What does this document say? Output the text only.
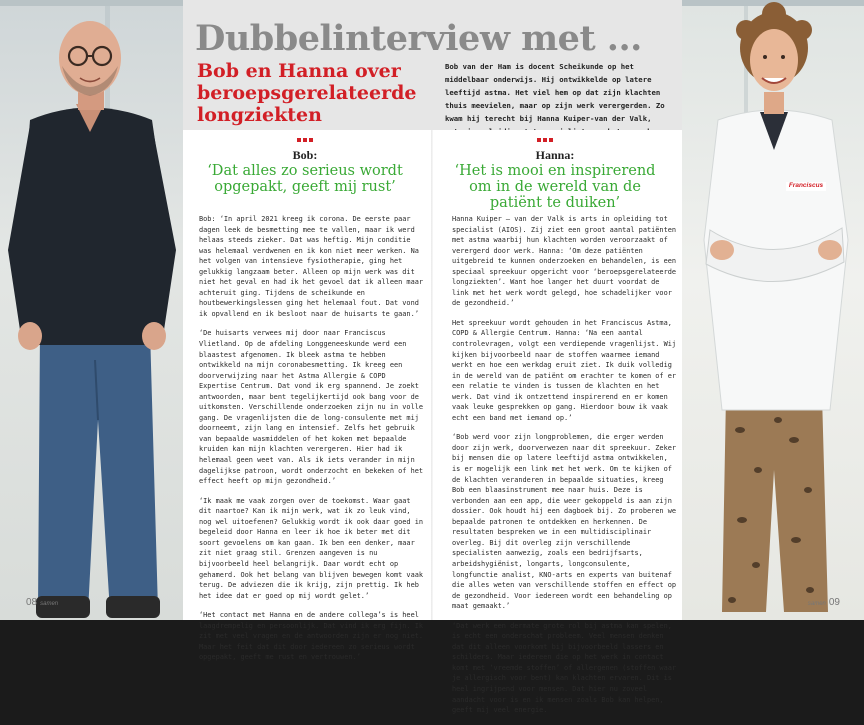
Franciscus
Dubbelinterview met ...
Bob en Hanna over beroepsgerelateerde longziekten
Bob van der Ham is docent Scheikunde op het middelbaar onderwijs. Hij ontwikkelde op latere leeftijd astma. Het viel hem op dat zijn klachten thuis meevielen, maar op zijn werk verergerden. Zo kwam hij terecht bij Hanna Kuiper-van der Valk,
Bob:
‘Dat alles zo serieus wordt opgepakt, geeft mij rust’
Hanna:
‘Het is mooi en inspirerend om in de wereld van de patiënt te duiken’

Bob: ‘In april 2021 kreeg ik corona. De eerste paar dagen leek de besmetting mee te vallen, maar ik werd helaas steeds zieker. Dat was heftig. Mijn conditie was helemaal verdwenen en ik kon niet meer werken. Na het volgen van intensieve fysiotherapie, ging het gelukkig langzaam beter. Alleen op mijn werk was dit niet het geval en had ik het gevoel dat ik alleen maar achteruit ging. Tijdens de scheikunde en houtbewerkingslessen ging het helemaal fout. Dat vond ik opvallend en ik besloot naar de huisarts te gaan.’

‘De huisarts verwees mij door naar Franciscus Vlietland. Op de afdeling Longgeneeskunde werd een blaastest afgenomen. Ik bleek astma te hebben ontwikkeld na mijn coronabesmetting. Ik kreeg een doorverwijzing naar het Astma Allergie & COPD Expertise Centrum. Dat vond ik erg spannend. Je zoekt antwoorden, maar bent tegelijkertijd ook bang voor de uitkomsten. Verschillende onderzoeken zijn nu in volle gang. De vragenlijsten die de long-consulente met mij doorneemt, zijn lang en intensief. Zelfs het gebruik van bepaalde wasmiddelen of het koken met bepaalde kruiden kan mijn klachten verergeren. Hier had ik helemaal geen weet van. Als ik iets verander in mijn dagelijkse patroon, wordt onderzocht en bekeken of het effect heeft op mijn gezondheid.’

‘Ik maak me vaak zorgen over de toekomst. Waar gaat dit naartoe? Kan ik mijn werk, wat ik zo leuk vind, nog wel uitoefenen? Gelukkig wordt ik ook daar goed in begeleid door Hanna en leer ik hoe ik beter met dit soort gevoelens om kan gaan. Ik ben een denker, maar zit niet graag stil. Grenzen aangeven is nu bijvoorbeeld heel belangrijk. Daar wordt echt op gehamerd. Ook het belang van blijven bewegen komt vaak terug. De adviezen die ik krijg, zijn prettig. Ik heb het idee dat er goed op mij wordt gelet.’

‘Het contact met Hanna en de andere collega’s is heel laagdrempelig en persoonlijk. Dat vind ik erg fijn. Ik zit met veel vragen en de antwoorden zijn er nog niet. Maar het feit dat dit door iedereen zo serieus wordt opgepakt, geeft me rust en vertrouwen.’

Hanna Kuiper – van der Valk is arts in opleiding tot specialist (AIOS). Zij ziet een groot aantal patiënten met astma waarbij hun klachten worden veroorzaakt of verergerd door werk. Hanna: ‘Om deze patiënten uitgebreid te kunnen onderzoeken en behandelen, is een speciaal spreekuur opgericht voor ‘beroepsgerelateerde longziekten’. Want hoe langer het duurt voordat de link met het werk wordt gelegd, hoe schadelijker voor de gezondheid.’

Het spreekuur wordt gehouden in het Franciscus Astma, COPD & Allergie Centrum. Hanna: ‘Na een aantal controlevragen, volgt een verdiepende vragenlijst. Wij kijken bijvoorbeeld naar de stoffen waarmee iemand werkt en hoe een werkdag eruit ziet. Ik duik volledig in de wereld van de patiënt om erachter te komen of er een relatie te vinden is tussen de klachten en het werk. Dat vind ik ontzettend inspirerend en er komen vaak leuke gesprekken op gang. Hierdoor bouw ik vaak echt een band met iemand op.’

‘Bob werd voor zijn longproblemen, die erger werden door zijn werk, doorverwezen naar dit spreekuur. Zeker bij mensen die op latere leeftijd astma ontwikkelen, is er mogelijk een link met het werk. Om te kijken of de klachten veranderen in bepaalde situaties, kreeg Bob een blaasinstrument mee naar huis. Deze is verbonden aan een app, die weer gekoppeld is aan zijn dossier. Ook houdt hij een dagboek bij. Zo proberen we bepaalde patronen te ontdekken en herkennen. De resultaten bespreken we in een multidisciplinair overleg. Bij dit overleg zijn verschillende specialisten aanwezig, zoals een bedrijfsarts, arbeidshygiënist, longarts, longconsulente, longfunctie analist, KNO-arts en experts van buitenaf die alles weten van verschillende stoffen en effect op de gezondheid. Voor iedereen wordt een behandeling op maat gemaakt.’

‘Dat werk een dermate grote rol bij astma kan spelen, is echt een onderschat probleem. Veel mensen denken dat dit alleen voorkomt bij bijvoorbeeld lassers en schilders. Maar iedereen die op het werk in contact komt met ‘vreemde stoffen’ of allergenen (stoffen waar je allergisch voor bent) kan klachten ervaren. Dit is heel ingrijpend voor mensen. Dat hier nu zoveel aandacht voor is en ik mensen zoals Bob kan helpen, geeft mij veel energie.

08 samen	samen 09
